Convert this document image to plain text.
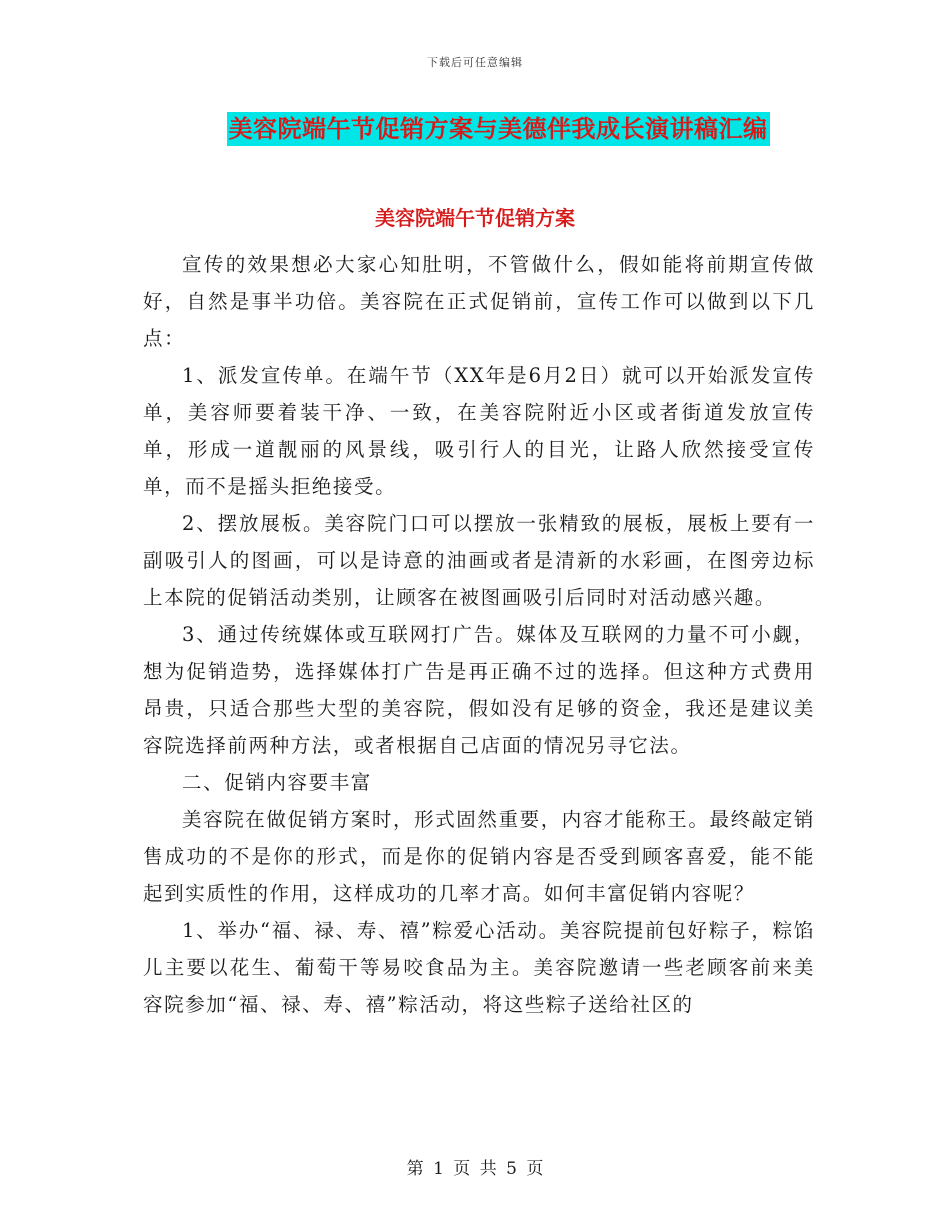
下载后可任意编辑
美容院端午节促销方案与美德伴我成长演讲稿汇编
美容院端午节促销方案

宣传的效果想必大家心知肚明，不管做什么，假如能将前期宣传做好，自然是事半功倍。美容院在正式促销前，宣传工作可以做到以下几点：

1、派发宣传单。在端午节（XX年是6月2日）就可以开始派发宣传单，美容师要着装干净、一致，在美容院附近小区或者街道发放宣传单，形成一道靓丽的风景线，吸引行人的目光，让路人欣然接受宣传单，而不是摇头拒绝接受。

2、摆放展板。美容院门口可以摆放一张精致的展板，展板上要有一副吸引人的图画，可以是诗意的油画或者是清新的水彩画，在图旁边标上本院的促销活动类别，让顾客在被图画吸引后同时对活动感兴趣。

3、通过传统媒体或互联网打广告。媒体及互联网的力量不可小觑，想为促销造势，选择媒体打广告是再正确不过的选择。但这种方式费用昂贵，只适合那些大型的美容院，假如没有足够的资金，我还是建议美容院选择前两种方法，或者根据自己店面的情况另寻它法。

二、促销内容要丰富

美容院在做促销方案时，形式固然重要，内容才能称王。最终敲定销售成功的不是你的形式，而是你的促销内容是否受到顾客喜爱，能不能起到实质性的作用，这样成功的几率才高。如何丰富促销内容呢？

1、举办“福、禄、寿、禧”粽爱心活动。美容院提前包好粽子，粽馅儿主要以花生、葡萄干等易咬食品为主。美容院邀请一些老顾客前来美容院参加“福、禄、寿、禧”粽活动，将这些粽子送给社区的

第 1 页 共 5 页
